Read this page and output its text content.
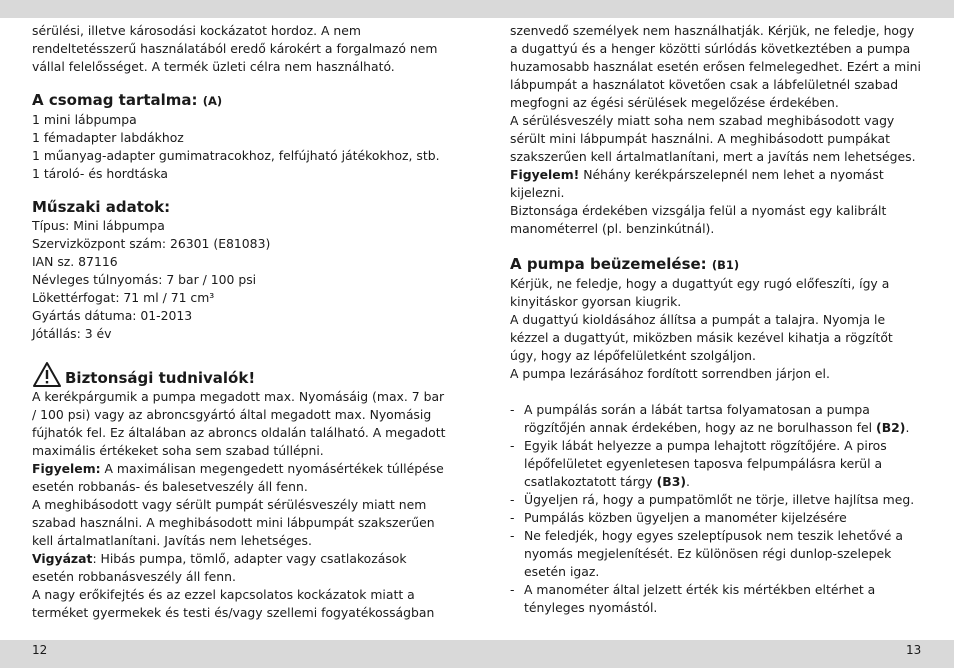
sérülési, illetve károsodási kockázatot hordoz. A nem rendeltetésszerű használatából eredő károkért a forgalmazó nem vállal felelősséget. A termék üzleti célra nem használható.

A csomag tartalma: (A)

1 mini lábpumpa

1 fémadapter labdákhoz

1 műanyag-adapter gumimatracokhoz, felfújható játékokhoz, stb.

1 tároló- és hordtáska

Műszaki adatok:

Típus: Mini lábpumpa

Szervizközpont szám: 26301 (E81083)

IAN sz. 87116

Névleges túlnyomás: 7 bar / 100 psi

Lökettérfogat: 71 ml / 71 cm³

Gyártás dátuma: 01-2013

Jótállás: 3 év

Biztonsági tudnivalók!

A kerékpárgumik a pumpa megadott max. Nyomásáig (max. 7 bar / 100 psi) vagy az abroncsgyártó által megadott max. Nyomásig fújhatók fel. Ez általában az abroncs oldalán található. A megadott maximális értékeket soha sem szabad túllépni.

Figyelem: A maximálisan megengedett nyomásértékek túllépése esetén robbanás- és balesetveszély áll fenn.

A meghibásodott vagy sérült pumpát sérülésveszély miatt nem szabad használni. A meghibásodott mini lábpumpát szakszerűen kell ártalmatlanítani. Javítás nem lehetséges.

Vigyázat: Hibás pumpa, tömlő, adapter vagy csatlakozások esetén robbanásveszély áll fenn.

A nagy erőkifejtés és az ezzel kapcsolatos kockázatok miatt a terméket gyermekek és testi és/vagy szellemi fogyatékosságban

szenvedő személyek nem használhatják. Kérjük, ne feledje, hogy a dugattyú és a henger közötti súrlódás következtében a pumpa huzamosabb használat esetén erősen felmelegedhet. Ezért a mini lábpumpát a használatot követően csak a lábfelületnél szabad megfogni az égési sérülések megelőzése érdekében.

A sérülésveszély miatt soha nem szabad meghibásodott vagy sérült mini lábpumpát használni. A meghibásodott pumpákat szakszerűen kell ártalmatlanítani, mert a javítás nem lehetséges.

Figyelem! Néhány kerékpárszelepnél nem lehet a nyomást kijelezni.

Biztonsága érdekében vizsgálja felül a nyomást egy kalibrált manométerrel (pl. benzinkútnál).

A pumpa beüzemelése: (B1)

Kérjük, ne feledje, hogy a dugattyút egy rugó előfeszíti, így a kinyitáskor gyorsan kiugrik.

A dugattyú kioldásához állítsa a pumpát a talajra. Nyomja le kézzel a dugattyút, miközben másik kezével kihatja a rögzítőt úgy, hogy az lépőfelületként szolgáljon.

A pumpa lezárásához fordított sorrendben járjon el.

- A pumpálás során a lábát tartsa folyamatosan a pumpa rögzítőjén annak érdekében, hogy az ne borulhasson fel (B2).
- Egyik lábát helyezze a pumpa lehajtott rögzítőjére. A piros lépőfelületet egyenletesen taposva felpumpálásra kerül a csatlakoztatott tárgy (B3).
- Ügyeljen rá, hogy a pumpatömlőt ne törje, illetve hajlítsa meg.
- Pumpálás közben ügyeljen a manométer kijelzésére
- Ne feledjék, hogy egyes szeleptípusok nem teszik lehetővé a nyomás megjelenítését. Ez különösen régi dunlop-szelepek esetén igaz.
- A manométer által jelzett érték kis mértékben eltérhet a tényleges nyomástól.
12	13
